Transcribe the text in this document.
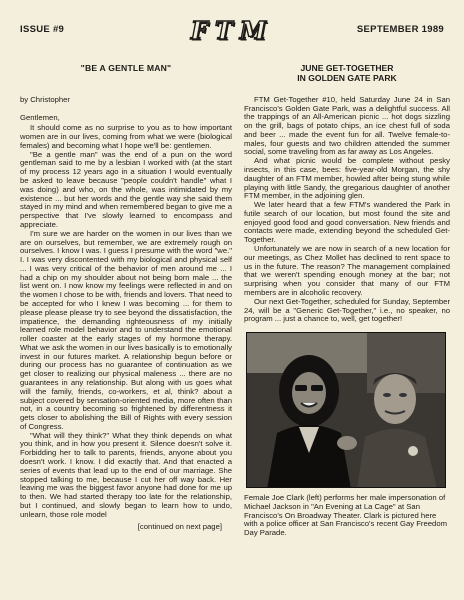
ISSUE #9	FTM	SEPTEMBER 1989
"BE A GENTLE MAN"
by Christopher
Gentlemen,

It should come as no surprise to you as to how important women are in our lives, coming from what we were (biological females) and becoming what I hope we'll be: gentlemen.

"Be a gentle man" was the end of a pun on the word gentleman said to me by a lesbian I worked with (at the start of my process 12 years ago in a situation I would eventually be asked to leave because "people couldn't handle" what I was doing) and who, on the whole, was intimidated by my existence ... but her words and the gentle way she said them stayed in my mind and when remembered began to give me a perspective that I've slowly learned to encompass and appreciate.

I'm sure we are harder on the women in our lives than we are on ourselves, but remember, we are extremely rough on ourselves. I know I was. I guess I presume with the word "we." I. I was very discontented with my biological and physical self ... I was very critical of the behavior of men around me ... I had a chip on my shoulder about not being born male ... the list went on. I now know my feelings were reflected in and on the women I chose to be with, friends and lovers. That need to be accepted for who I knew I was becoming ... for them to please please please try to see beyond the dissatisfaction, the impatience, the demanding righteousness of my initially learned role model behavior and to understand the emotional roller coaster at the early stages of my hormone therapy. What we ask the women in our lives basically is to emotionally invest in our futures market. A relationship begun before or during our process has no guarantee of continuation as we get closer to realizing our physical maleness ... there are no guarantees in any relationship. But along with us goes what will the family, friends, co-workers, et al, think? about a subject covered by sensation-oriented media, more often than not, in a country becoming so frightened by differentness it gets closer to abolishing the Bill of Rights with every session of Congress.

"What will they think?" What they think depends on what you think, and in how you present it. Silence doesn't solve it. Forbidding her to talk to parents, friends, anyone about you doesn't work. I know. I did exactly that. And that enacted a series of events that lead up to the end of our marriage. She stopped talking to me, because I cut her off way back. Her leaving me was the biggest favor anyone had done for me up to then. We had started therapy too late for the relationship, but I continued, and slowly began to learn how to undo, unlearn, those role model

[continued on next page]
JUNE GET-TOGETHER
IN GOLDEN GATE PARK

FTM Get-Together #10, held Saturday June 24 in San Francisco's Golden Gate Park, was a delightful success. All the trappings of an All-American picnic ... hot dogs sizzling on the grill, bags of potato chips, an ice chest full of soda and beer ... made the event fun for all. Twelve female-to-males, four guests and two children attended the summer social, some traveling from as far away as Los Angeles.

And what picnic would be complete without pesky insects, in this case, bees: five-year-old Morgan, the shy daughter of an FTM member, howled after being stung while playing with little Sandy, the gregarious daughter of another FTM member, in the adjoining glen.

We later heard that a few FTM's wandered the Park in futile search of our location, but most found the site and enjoyed good food and good conversation. New friends and contacts were made, extending beyond the scheduled Get-Together.

Unfortunately we are now in search of a new location for our meetings, as Chez Mollet has declined to rent space to us in the future. The reason? The management complained that we weren't spending enough money at the bar; not surprising when you consider that many of our FTM members are in alcoholic recovery.

Our next Get-Together, scheduled for Sunday, September 24, will be a "Generic Get-Together," i.e., no speaker, no program ... just a chance to, well, get together!

Female Joe Clark (left) performs her male impersonation of Michael Jackson in "An Evening at La Cage" at San Francisco's On Broadway Theater. Clark is pictured here with a police officer at San Francisco's recent Gay Freedom Day Parade.
